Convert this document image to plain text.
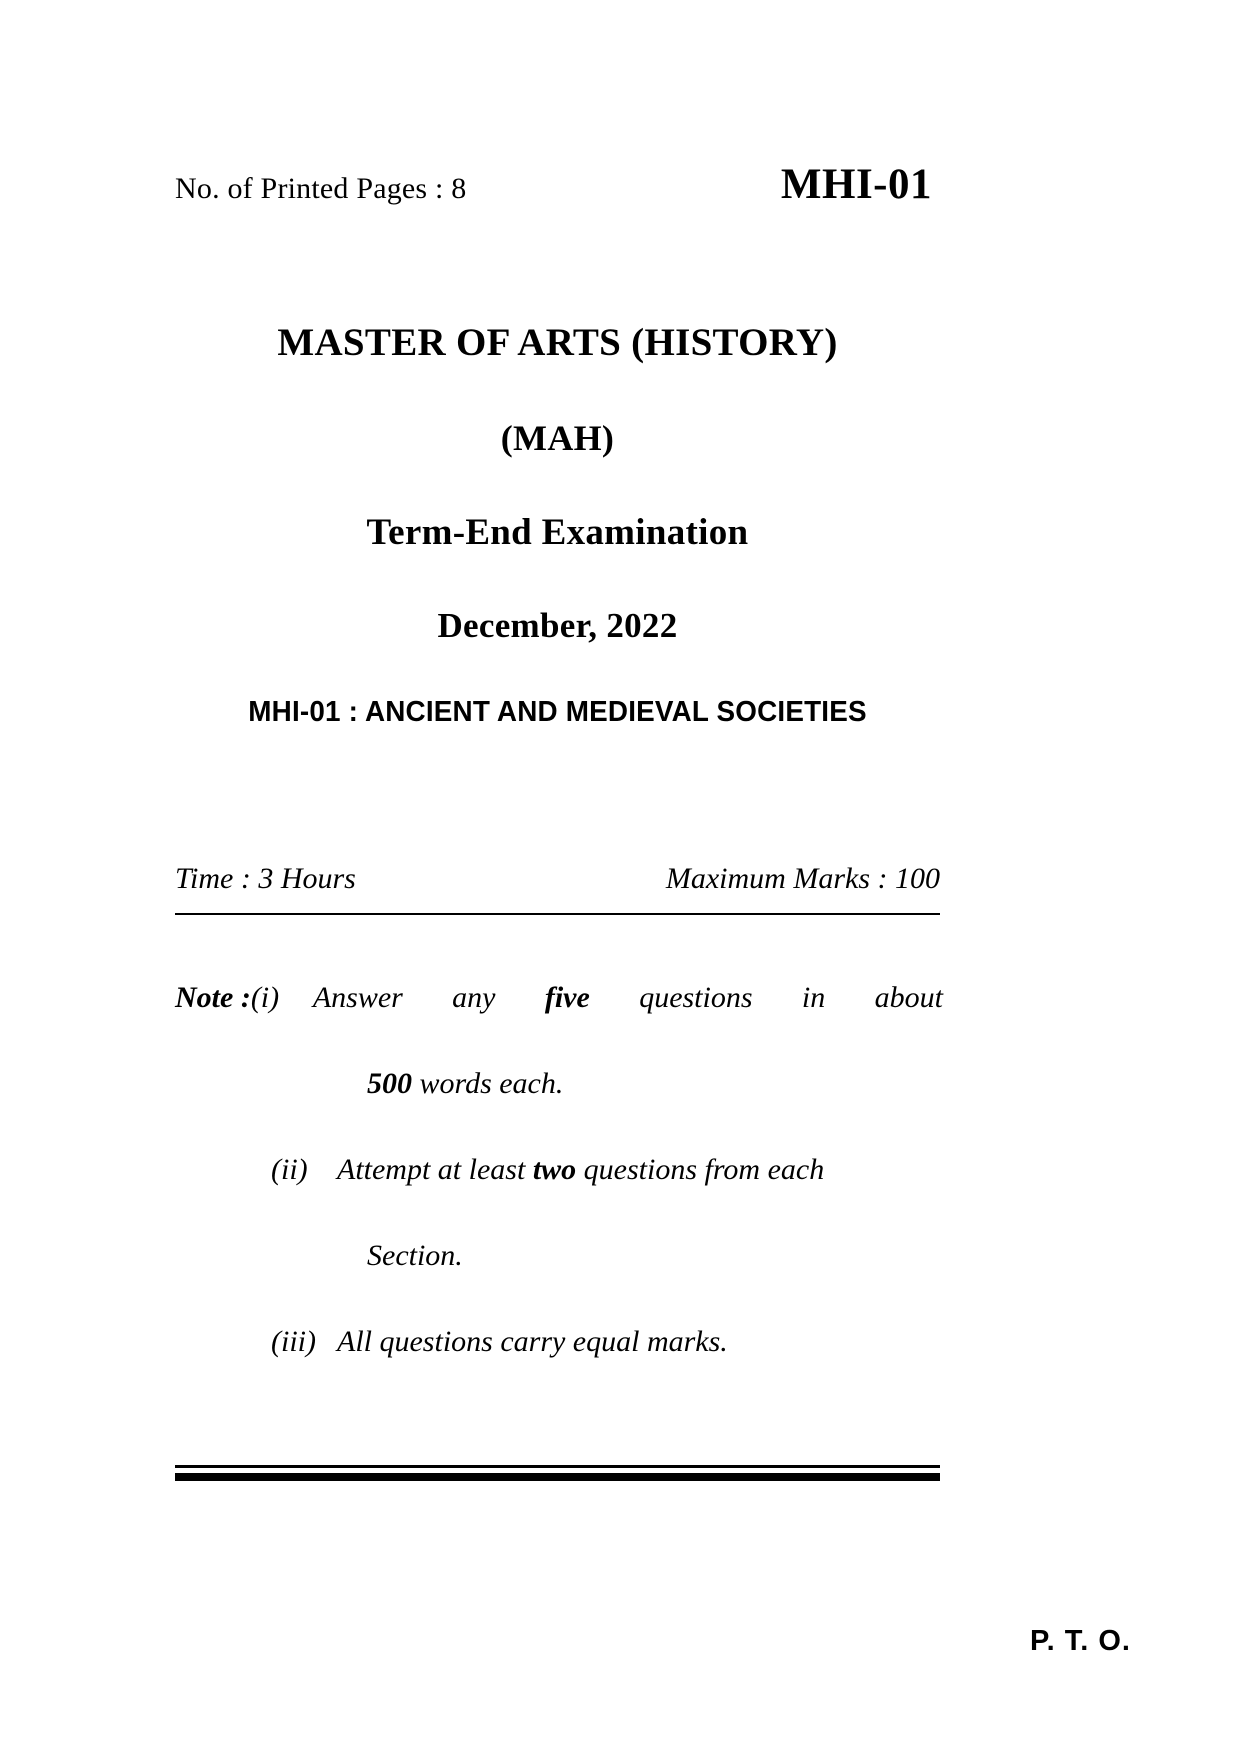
No. of Printed Pages : 8	MHI-01
MASTER OF ARTS (HISTORY)
(MAH)
Term-End Examination
December, 2022
MHI-01 : ANCIENT AND MEDIEVAL SOCIETIES
Time : 3 Hours	Maximum Marks : 100
Note : (i)	Answer any five questions in about
500 words each.
(ii) Attempt at least two questions from each
Section.
(iii) All questions carry equal marks.
P. T. O.
